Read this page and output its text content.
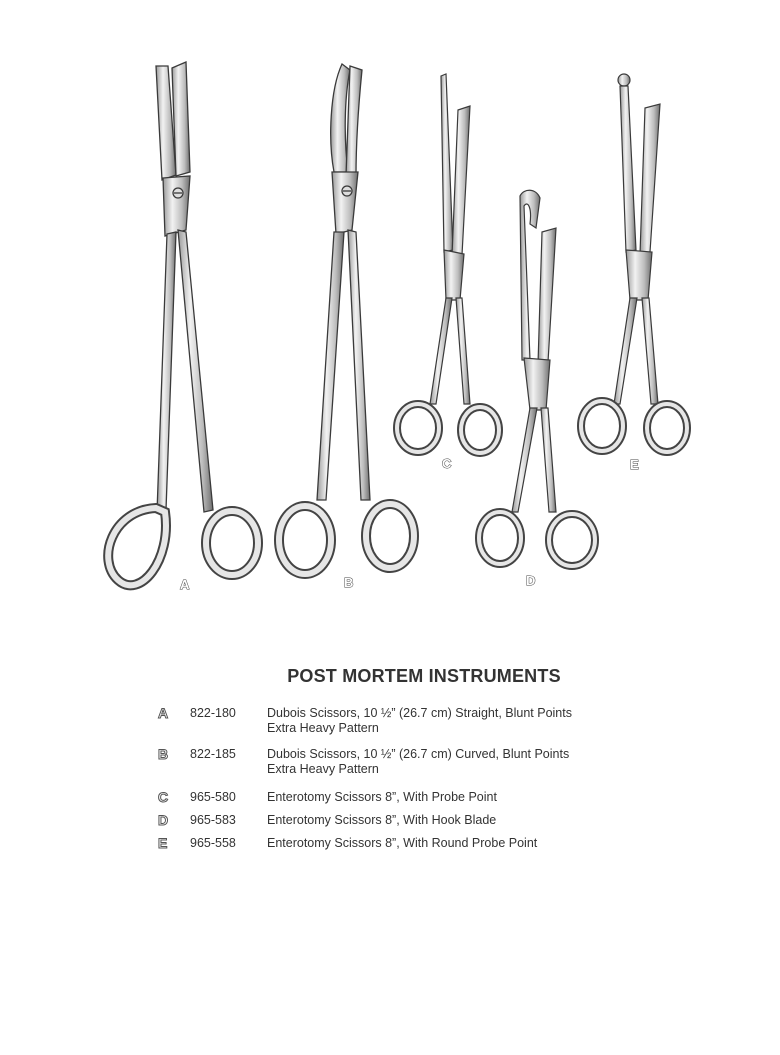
A	B
C
D
E
POST MORTEM INSTRUMENTS
A 822-180	Dubois Scissors, 10 ½” (26.7 cm) Straight, Blunt Points
Extra Heavy Pattern
B 822-185	Dubois Scissors, 10 ½” (26.7 cm) Curved, Blunt Points
Extra Heavy Pattern
C 965-580	Enterotomy Scissors 8”, With Probe Point
D 965-583	Enterotomy Scissors 8”, With Hook Blade
E 965-558	Enterotomy Scissors 8”, With Round Probe Point
